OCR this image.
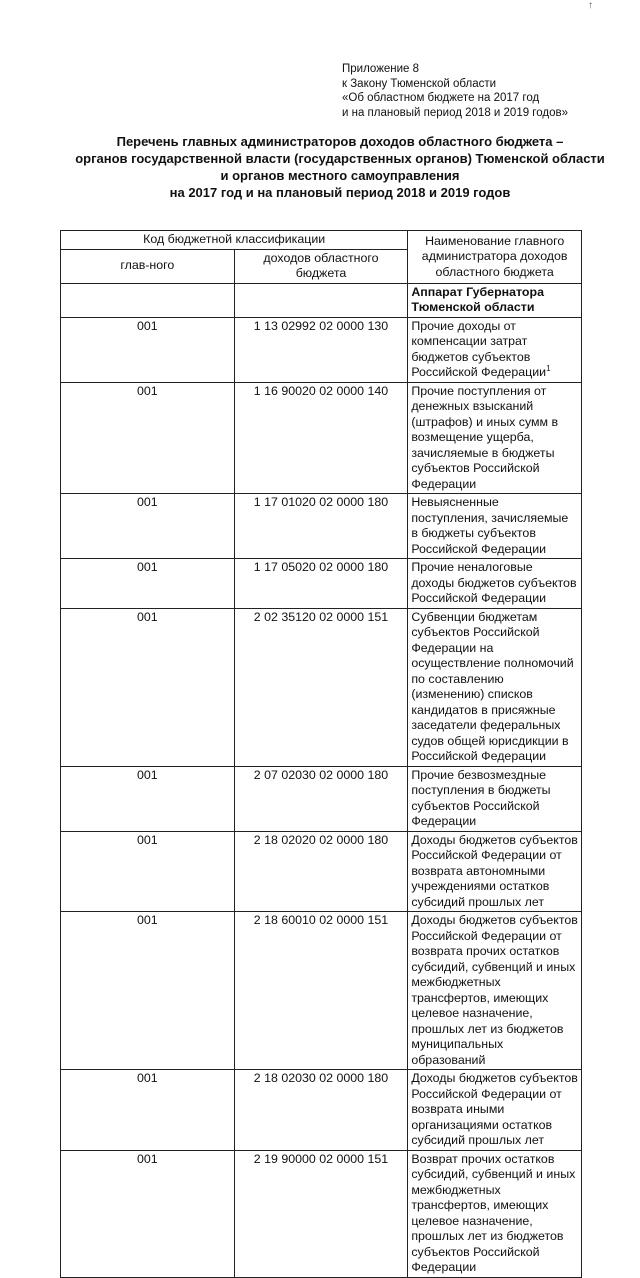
↑
Приложение 8
к Закону Тюменской области
«Об областном бюджете на 2017 год
и на плановый период 2018 и 2019 годов»
Перечень главных администраторов доходов областного бюджета –
органов государственной власти (государственных органов) Тюменской области
и органов местного самоуправления
на 2017 год и на плановый период 2018 и 2019 годов
Код бюджетной классификации		Наименование главного администратора доходов областного бюджета
глав-ного	доходов областного бюджета	
		Аппарат Губернатора Тюменской области
001	1 13 02992 02 0000 130	Прочие доходы от компенсации затрат бюджетов субъектов Российской Федерации$^1$
001	1 16 90020 02 0000 140	Прочие поступления от денежных взысканий (штрафов) и иных сумм в возмещение ущерба, зачисляемые в бюджеты субъектов Российской Федерации
001	1 17 01020 02 0000 180	Невыясненные поступления, зачисляемые в бюджеты субъектов Российской Федерации
001	1 17 05020 02 0000 180	Прочие неналоговые доходы бюджетов субъектов Российской Федерации
001	2 02 35120 02 0000 151	Субвенции бюджетам субъектов Российской Федерации на осуществление полномочий по составлению (изменению) списков кандидатов в присяжные заседатели федеральных судов общей юрисдикции в Российской Федерации
001	2 07 02030 02 0000 180	Прочие безвозмездные поступления в бюджеты субъектов Российской Федерации
001	2 18 02020 02 0000 180	Доходы бюджетов субъектов Российской Федерации от возврата автономными учреждениями остатков субсидий прошлых лет
001	2 18 60010 02 0000 151	Доходы бюджетов субъектов Российской Федерации от возврата прочих остатков субсидий, субвенций и иных межбюджетных трансфертов, имеющих целевое назначение, прошлых лет из бюджетов муниципальных образований
001	2 18 02030 02 0000 180	Доходы бюджетов субъектов Российской Федерации от возврата иными организациями остатков субсидий прошлых лет
001	2 19 90000 02 0000 151	Возврат прочих остатков субсидий, субвенций и иных межбюджетных трансфертов, имеющих целевое назначение, прошлых лет из бюджетов субъектов Российской Федерации
